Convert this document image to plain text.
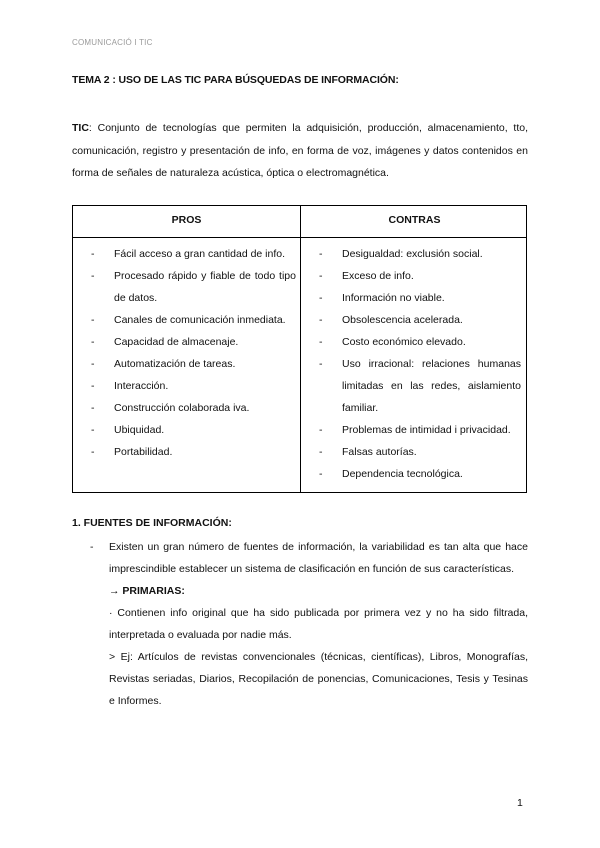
COMUNICACIÓ I TIC
TEMA 2 : USO DE LAS TIC PARA BÚSQUEDAS DE INFORMACIÓN:
TIC: Conjunto de tecnologías que permiten la adquisición, producción, almacenamiento, tto, comunicación, registro y presentación de info, en forma de voz, imágenes y datos contenidos en forma de señales de naturaleza acústica, óptica o electromagnética.
PROS	CONTRAS
- Fácil acceso a gran cantidad de info.
- Procesado rápido y fiable de todo tipo de datos.
- Canales de comunicación inmediata.
- Capacidad de almacenaje.
- Automatización de tareas.
- Interacción.
- Construcción colaborada iva.
- Ubiquidad.
- Portabilidad.
- Desigualdad: exclusión social.
- Exceso de info.
- Información no viable.
- Obsolescencia acelerada.
- Costo económico elevado.
- Uso irracional: relaciones humanas limitadas en las redes, aislamiento familiar.
- Problemas de intimidad i privacidad.
- Falsas autorías.
- Dependencia tecnológica.
1. FUENTES DE INFORMACIÓN:
- Existen un gran número de fuentes de información, la variabilidad es tan alta que hace imprescindible establecer un sistema de clasificación en función de sus características.

→ PRIMARIAS:

· Contienen info original que ha sido publicada por primera vez y no ha sido filtrada, interpretada o evaluada por nadie más.

> Ej: Artículos de revistas convencionales (técnicas, científicas), Libros, Monografías, Revistas seriadas, Diarios, Recopilación de ponencias, Comunicaciones, Tesis y Tesinas e Informes.

1
